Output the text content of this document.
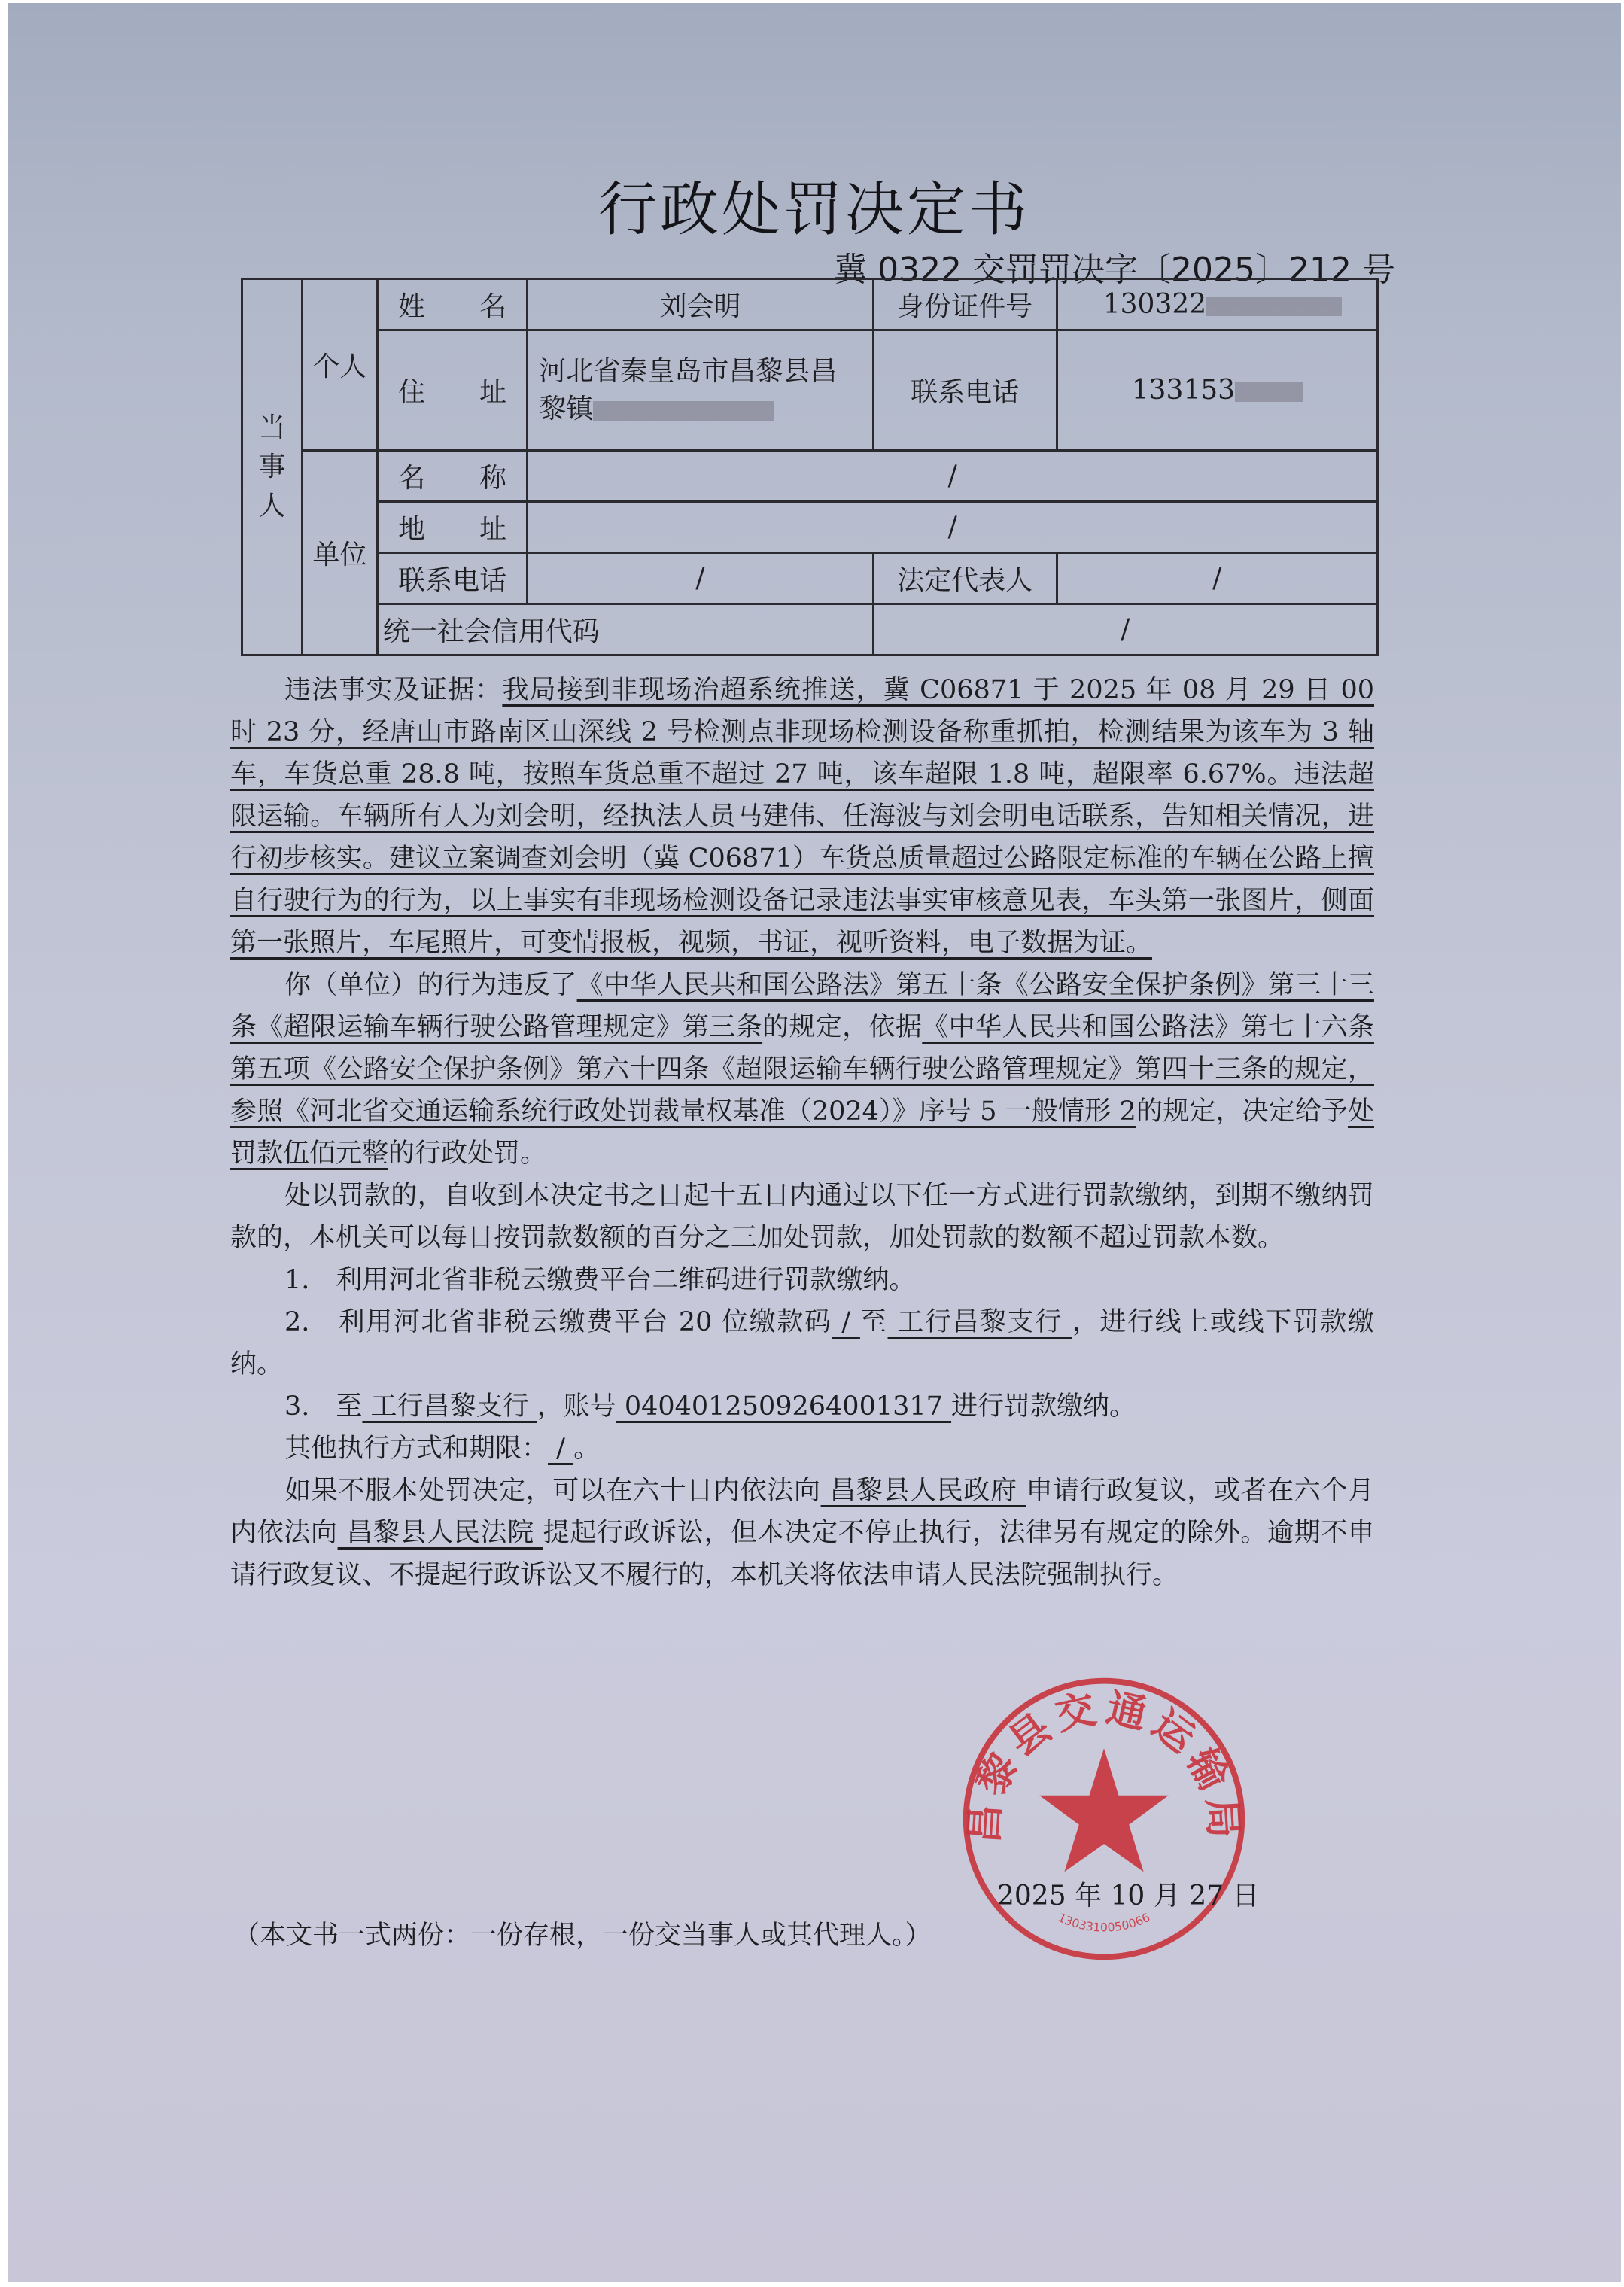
行政处罚决定书
冀 0322 交罚罚决字〔2025〕212 号
当事人	个人	姓　　名	刘会明	身份证件号	130322
		住　　址	河北省秦皇岛市昌黎县昌黎镇	联系电话	133153
	单位	名　　称	/		
		地　　址	/		
		联系电话	/	法定代表人	/
		统一社会信用代码		/	

违法事实及证据：我局接到非现场治超系统推送，冀 C06871 于 2025 年 08 月 29 日 00 时 23 分，经唐山市路南区山深线 2 号检测点非现场检测设备称重抓拍，检测结果为该车为 3 轴车，车货总重 28.8 吨，按照车货总重不超过 27 吨，该车超限 1.8 吨，超限率 6.67%。违法超限运输。车辆所有人为刘会明，经执法人员马建伟、任海波与刘会明电话联系，告知相关情况，进行初步核实。建议立案调查刘会明（冀 C06871）车货总质量超过公路限定标准的车辆在公路上擅自行驶行为的行为，以上事实有非现场检测设备记录违法事实审核意见表，车头第一张图片，侧面第一张照片，车尾照片，可变情报板，视频，书证，视听资料，电子数据为证。

你（单位）的行为违反了《中华人民共和国公路法》第五十条《公路安全保护条例》第三十三条《超限运输车辆行驶公路管理规定》第三条的规定，依据《中华人民共和国公路法》第七十六条第五项《公路安全保护条例》第六十四条《超限运输车辆行驶公路管理规定》第四十三条的规定，参照《河北省交通运输系统行政处罚裁量权基准（2024）》序号 5 一般情形 2的规定，决定给予处罚款伍佰元整的行政处罚。

处以罚款的，自收到本决定书之日起十五日内通过以下任一方式进行罚款缴纳，到期不缴纳罚款的，本机关可以每日按罚款数额的百分之三加处罚款，加处罚款的数额不超过罚款本数。

1.　利用河北省非税云缴费平台二维码进行罚款缴纳。

2.　利用河北省非税云缴费平台 20 位缴款码 / 至 工行昌黎支行 ，进行线上或线下罚款缴纳。

3.　至 工行昌黎支行 ，账号 0404012509264001317 进行罚款缴纳。

其他执行方式和期限： / 。

如果不服本处罚决定，可以在六十日内依法向 昌黎县人民政府 申请行政复议，或者在六个月内依法向 昌黎县人民法院 提起行政诉讼，但本决定不停止执行，法律另有规定的除外。逾期不申请行政复议、不提起行政诉讼又不履行的，本机关将依法申请人民法院强制执行。

昌黎县交通运输局
1303310050066
2025 年 10 月 27 日
（本文书一式两份：一份存根，一份交当事人或其代理人。）
